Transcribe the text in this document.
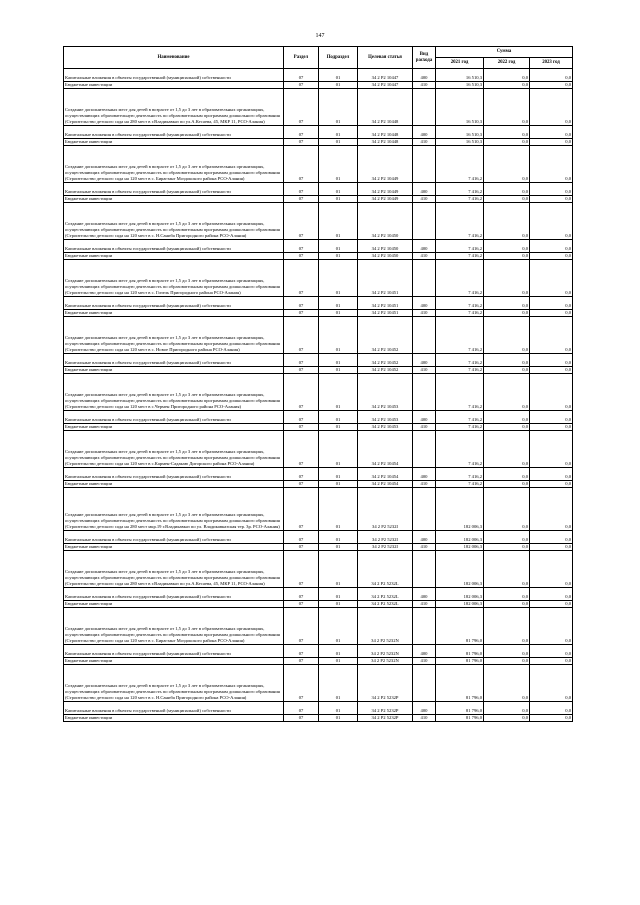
147
Наименование	Раздел	Подраздел	Целевая статья	Вид расхода	Сумма		
					2021 год	2022 год	2023 год
Капитальные вложения в объекты государственной (муниципальной) собственности	07	01	34 2 P2 10447	400	16 510,3	0,0	0,0
Бюджетные инвестиции	07	01	34 2 P2 10447	410	16 510,3	0,0	0,0
Создание дополнительных мест для детей в возрасте от 1,5 до 3 лет в образовательных организациях, осуществляющих образовательную деятельность по образовательным программам дошкольного образования (Строительство детского сада на 280 мест в г.Владикавказ по ул.А.Кесаева, 45, МКР 11, РСО-Алания)	07	01	34 2 P2 10448		16 510,3	0,0	0,0
Капитальные вложения в объекты государственной (муниципальной) собственности	07	01	34 2 P2 10448	400	16 510,3	0,0	0,0
Бюджетные инвестиции	07	01	34 2 P2 10448	410	16 510,3	0,0	0,0
Создание дополнительных мест для детей в возрасте от 1,5 до 3 лет в образовательных организациях, осуществляющих образовательную деятельность по образовательным программам дошкольного образования (Строительство детского сада на 120 мест в с. Бирагзанг Моздокского района РСО-Алания)	07	01	34 2 P2 10449		7 416,2	0,0	0,0
Капитальные вложения в объекты государственной (муниципальной) собственности	07	01	34 2 P2 10449	400	7 416,2	0,0	0,0
Бюджетные инвестиции	07	01	34 2 P2 10449	410	7 416,2	0,0	0,0
Создание дополнительных мест для детей в возрасте от 1,5 до 3 лет в образовательных организациях, осуществляющих образовательную деятельность по образовательным программам дошкольного образования (Строительство детского сада на 120 мест в с. Н.Саниба Пригородного района РСО-Алания)	07	01	34 2 P2 10450		7 416,2	0,0	0,0
Капитальные вложения в объекты государственной (муниципальной) собственности	07	01	34 2 P2 10450	400	7 416,2	0,0	0,0
Бюджетные инвестиции	07	01	34 2 P2 10450	410	7 416,2	0,0	0,0
Создание дополнительных мест для детей в возрасте от 1,5 до 3 лет в образовательных организациях, осуществляющих образовательную деятельность по образовательным программам дошкольного образования (Строительство детского сада на 120 мест в с. Гизель Пригородного района РСО-Алания)	07	01	34 2 P2 10451		7 416,2	0,0	0,0
Капитальные вложения в объекты государственной (муниципальной) собственности	07	01	34 2 P2 10451	400	7 416,2	0,0	0,0
Бюджетные инвестиции	07	01	34 2 P2 10451	410	7 416,2	0,0	0,0
Создание дополнительных мест для детей в возрасте от 1,5 до 3 лет в образовательных организациях, осуществляющих образовательную деятельность по образовательным программам дошкольного образования (Строительство детского сада на 120 мест в с. Новое Пригородного района РСО-Алания)	07	01	34 2 P2 10452		7 416,2	0,0	0,0
Капитальные вложения в объекты государственной (муниципальной) собственности	07	01	34 2 P2 10452	400	7 416,2	0,0	0,0
Бюджетные инвестиции	07	01	34 2 P2 10452	410	7 416,2	0,0	0,0
Создание дополнительных мест для детей в возрасте от 1,5 до 3 лет в образовательных организациях, осуществляющих образовательную деятельность по образовательным программам дошкольного образования (Строительство детского сада на 120 мест в с.Чермен Пригородного района РСО-Алания)	07	01	34 2 P2 10453		7 416,2	0,0	0,0
Капитальные вложения в объекты государственной (муниципальной) собственности	07	01	34 2 P2 10453	400	7 416,2	0,0	0,0
Бюджетные инвестиции	07	01	34 2 P2 10453	410	7 416,2	0,0	0,0
Создание дополнительных мест для детей в возрасте от 1,5 до 3 лет в образовательных организациях, осуществляющих образовательную деятельность по образовательным программам дошкольного образования (Строительство детского сада на 120 мест в с.Кармен-Садакаю Дигорского района РСО-Алания)	07	01	34 2 P2 10454		7 416,2	0,0	0,0
Капитальные вложения в объекты государственной (муниципальной) собственности	07	01	34 2 P2 10454	400	7 416,2	0,0	0,0
Бюджетные инвестиции	07	01	34 2 P2 10454	410	7 416,2	0,0	0,0
Создание дополнительных мест для детей в возрасте от 1,5 до 3 лет в образовательных организациях, осуществляющих образовательную деятельность по образовательным программам дошкольного образования (Строительство детского сада на 280 мест мкр.19 г.Владикавказ по ул. Владикавказская тер. 3р. РСО-Алания)	07	01	34 2 P2 5232I		182 006,3	0,0	0,0
Капитальные вложения в объекты государственной (муниципальной) собственности	07	01	34 2 P2 5232I	400	182 006,3	0,0	0,0
Бюджетные инвестиции	07	01	34 2 P2 5232I	410	182 006,3	0,0	0,0
Создание дополнительных мест для детей в возрасте от 1,5 до 3 лет в образовательных организациях, осуществляющих образовательную деятельность по образовательным программам дошкольного образования (Строительство детского сада на 280 мест в г.Владикавказ по ул.А.Кесаева, 45, МКР 11, РСО-Алания)	07	01	34 2 P2 5232L		182 006,3	0,0	0,0
Капитальные вложения в объекты государственной (муниципальной) собственности	07	01	34 2 P2 5232L	400	182 006,3	0,0	0,0
Бюджетные инвестиции	07	01	34 2 P2 5232L	410	182 006,3	0,0	0,0
Создание дополнительных мест для детей в возрасте от 1,5 до 3 лет в образовательных организациях, осуществляющих образовательную деятельность по образовательным программам дошкольного образования (Строительство детского сада на 120 мест в с. Бирагзанг Моздокского района РСО-Алания)	07	01	34 2 P2 5232N		81 796,0	0,0	0,0
Капитальные вложения в объекты государственной (муниципальной) собственности	07	01	34 2 P2 5232N	400	81 796,0	0,0	0,0
Бюджетные инвестиции	07	01	34 2 P2 5232N	410	81 796,0	0,0	0,0
Создание дополнительных мест для детей в возрасте от 1,5 до 3 лет в образовательных организациях, осуществляющих образовательную деятельность по образовательным программам дошкольного образования (Строительство детского сада на 120 мест в с. Н.Саниба Пригородного района РСО-Алания)	07	01	34 2 P2 5232P		81 796,0	0,0	0,0
Капитальные вложения в объекты государственной (муниципальной) собственности	07	01	34 2 P2 5232P	400	81 796,0	0,0	0,0
Бюджетные инвестиции	07	01	34 2 P2 5232P	410	81 796,0	0,0	0,0
